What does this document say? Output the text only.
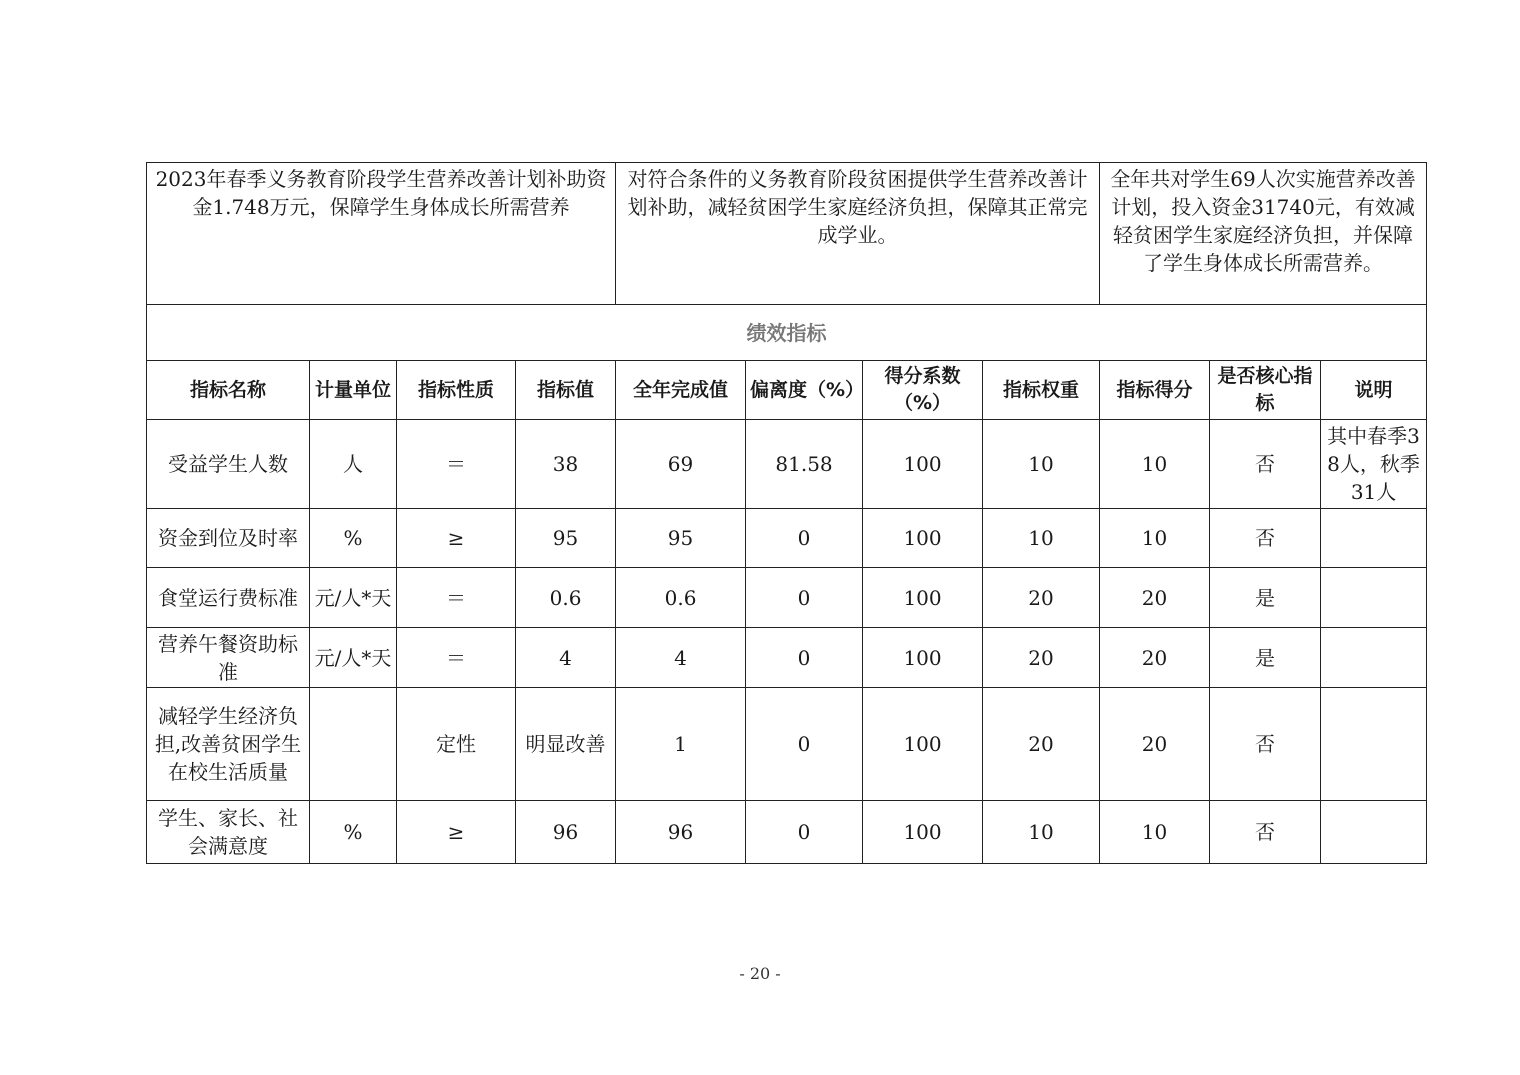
2023年春季义务教育阶段学生营养改善计划补助资金1.748万元，保障学生身体成长所需营养				对符合条件的义务教育阶段贫困提供学生营养改善计划补助，减轻贫困学生家庭经济负担，保障其正常完成学业。				全年共对学生69人次实施营养改善计划，投入资金31740元，有效减轻贫困学生家庭经济负担，并保障了学生身体成长所需营养。		
绩效指标										
指标名称	计量单位	指标性质	指标值	全年完成值	偏离度（%）	得分系数（%）	指标权重	指标得分	是否核心指标	说明
受益学生人数	人	＝	38	69	81.58	100	10	10	否	其中春季38人，秋季31人
资金到位及时率	%	≥	95	95	0	100	10	10	否	
食堂运行费标准	元/人*天	＝	0.6	0.6	0	100	20	20	是	
营养午餐资助标准	元/人*天	＝	4	4	0	100	20	20	是	
减轻学生经济负担,改善贫困学生在校生活质量		定性	明显改善	1	0	100	20	20	否	
学生、家长、社会满意度	%	≥	96	96	0	100	10	10	否	
- 20 -
